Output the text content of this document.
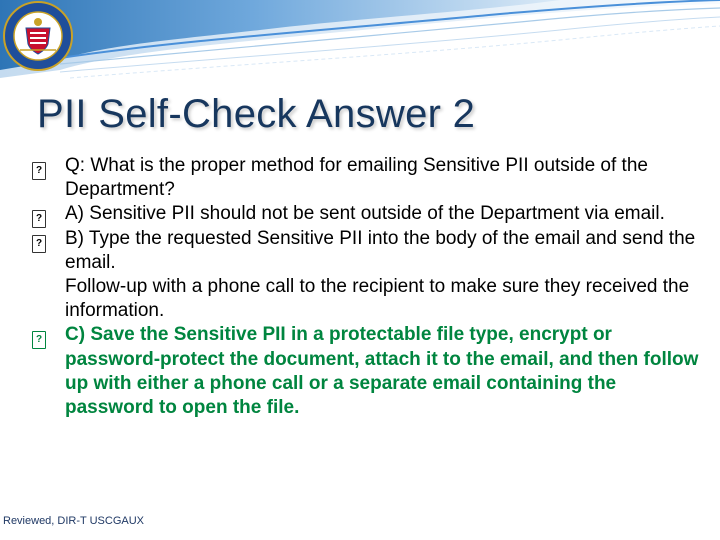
PII Self-Check Answer 2
?	Q: What is the proper method for emailing Sensitive PII outside of the Department?
?	A) Sensitive PII should not be sent outside of the Department via email.
?	B) Type the requested Sensitive PII into the body of the email and send the email.
Follow-up with a phone call to the recipient to make sure they received the information.
?	C) Save the Sensitive PII in a protectable file type, encrypt or password-protect the document, attach it to the email, and then follow up with either a phone call or a separate email containing the password to open the file.
Reviewed, DIR-T USCGAUX
